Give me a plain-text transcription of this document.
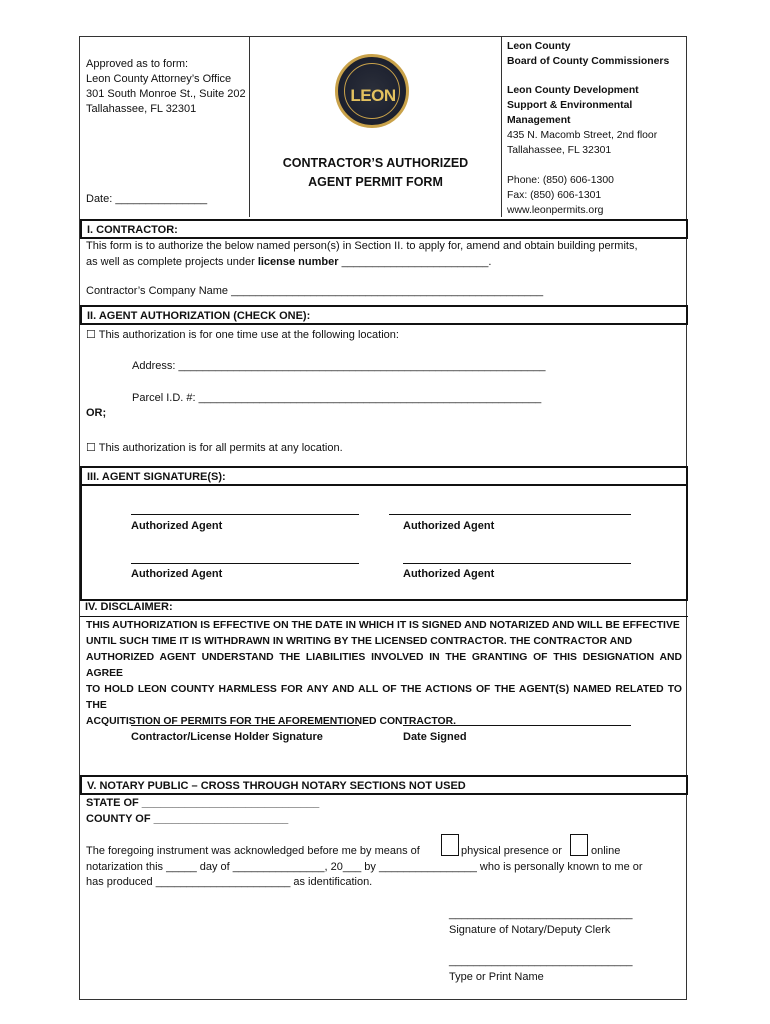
Approved as to form:
Leon County Attorney’s Office
301 South Monroe St., Suite 202
Tallahassee, FL 32301
Date: _______________
LEON
CONTRACTOR’S AUTHORIZED
AGENT PERMIT FORM
Leon County
Board of County Commissioners
Leon County Development
Support & Environmental
Management
435 N. Macomb Street, 2nd floor
Tallahassee, FL 32301
Phone: (850) 606-1300
Fax: (850) 606-1301
www.leonpermits.org
I. CONTRACTOR:
This form is to authorize the below named person(s) in Section II. to apply for, amend and obtain building permits,
as well as complete projects under license number ________________________.
Contractor’s Company Name ___________________________________________________
II. AGENT AUTHORIZATION (CHECK ONE):
☐ This authorization is for one time use at the following location:
Address: ____________________________________________________________
Parcel I.D. #: ________________________________________________________
OR;
☐ This authorization is for all permits at any location.
III. AGENT SIGNATURE(S):
Authorized Agent	Authorized Agent
Authorized Agent	Authorized Agent
IV. DISCLAIMER:
THIS AUTHORIZATION IS EFFECTIVE ON THE DATE IN WHICH IT IS SIGNED AND NOTARIZED AND WILL BE EFFECTIVE
UNTIL SUCH TIME IT IS WITHDRAWN IN WRITING BY THE LICENSED CONTRACTOR. THE CONTRACTOR AND
AUTHORIZED AGENT UNDERSTAND THE LIABILITIES INVOLVED IN THE GRANTING OF THIS DESIGNATION AND AGREE
TO HOLD LEON COUNTY HARMLESS FOR ANY AND ALL OF THE ACTIONS OF THE AGENT(S) NAMED RELATED TO THE
ACQUITISTION OF PERMITS FOR THE AFOREMENTIONED CONTRACTOR.
Contractor/License Holder Signature	Date Signed
V. NOTARY PUBLIC – CROSS THROUGH NOTARY SECTIONS NOT USED
STATE OF _____________________________
COUNTY OF ______________________
The foregoing instrument was acknowledged before me by means of	physical presence or	online
notarization this _____ day of _______________, 20___ by ________________ who is personally known to me or
has produced ______________________ as identification.
______________________________
Signature of Notary/Deputy Clerk
______________________________
Type or Print Name
